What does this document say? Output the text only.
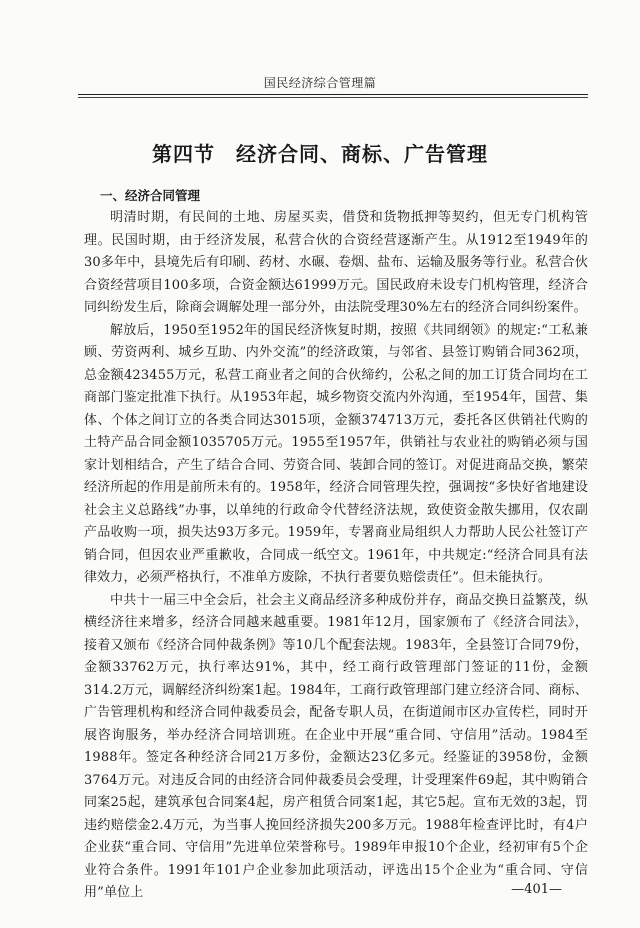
国民经济综合管理篇
第四节　经济合同、商标、广告管理
一、经济合同管理

明清时期，有民间的土地、房屋买卖，借贷和货物抵押等契约，但无专门机构管理。民国时期，由于经济发展，私营合伙的合资经营逐渐产生。从1912至1949年的30多年中，县境先后有印刷、药材、水碾、卷烟、盐布、运输及服务等行业。私营合伙合资经营项目100多项，合资金额达61999万元。国民政府未设专门机构管理，经济合同纠纷发生后，除商会调解处理一部分外，由法院受理30%左右的经济合同纠纷案件。

解放后，1950至1952年的国民经济恢复时期，按照《共同纲领》的规定:“工私兼顾、劳资两利、城乡互助、内外交流”的经济政策，与邻省、县签订购销合同362项，总金额423455万元，私营工商业者之间的合伙缔约，公私之间的加工订货合同均在工商部门鉴定批准下执行。从1953年起，城乡物资交流内外沟通，至1954年，国营、集体、个体之间订立的各类合同达3015项，金额374713万元，委托各区供销社代购的土特产品合同金额1035705万元。1955至1957年，供销社与农业社的购销必须与国家计划相结合，产生了结合合同、劳资合同、装卸合同的签订。对促进商品交换，繁荣经济所起的作用是前所未有的。1958年，经济合同管理失控，强调按“多快好省地建设社会主义总路线”办事，以单纯的行政命令代替经济法规，致使资金散失挪用，仅农副产品收购一项，损失达93万多元。1959年，专署商业局组织人力帮助人民公社签订产销合同，但因农业严重歉收，合同成一纸空文。1961年，中共规定:“经济合同具有法律效力，必须严格执行，不准单方废除，不执行者要负赔偿责任”。但未能执行。

中共十一届三中全会后，社会主义商品经济多种成份并存，商品交换日益繁茂，纵横经济往来增多，经济合同越来越重要。1981年12月，国家颁布了《经济合同法》，接着又颁布《经济合同仲裁条例》等10几个配套法规。1983年，全县签订合同79份，金额33762万元，执行率达91%，其中，经工商行政管理部门签证的11份，金额314.2万元，调解经济纠纷案1起。1984年，工商行政管理部门建立经济合同、商标、广告管理机构和经济合同仲裁委员会，配备专职人员，在街道闹市区办宣传栏，同时开展咨询服务，举办经济合同培训班。在企业中开展“重合同、守信用”活动。1984至1988年。签定各种经济合同21万多份，金额达23亿多元。经鉴证的3958份，金额3764万元。对违反合同的由经济合同仲裁委员会受理，计受理案件69起，其中购销合同案25起，建筑承包合同案4起，房产租赁合同案1起，其它5起。宣布无效的3起，罚违约赔偿金2.4万元，为当事人挽回经济损失200多万元。1988年检查评比时，有4户企业获“重合同、守信用”先进单位荣誉称号。1989年申报10个企业，经初审有5个企业符合条件。1991年101户企业参加此项活动，评选出15个企业为“重合同、守信用”单位上	—401—
